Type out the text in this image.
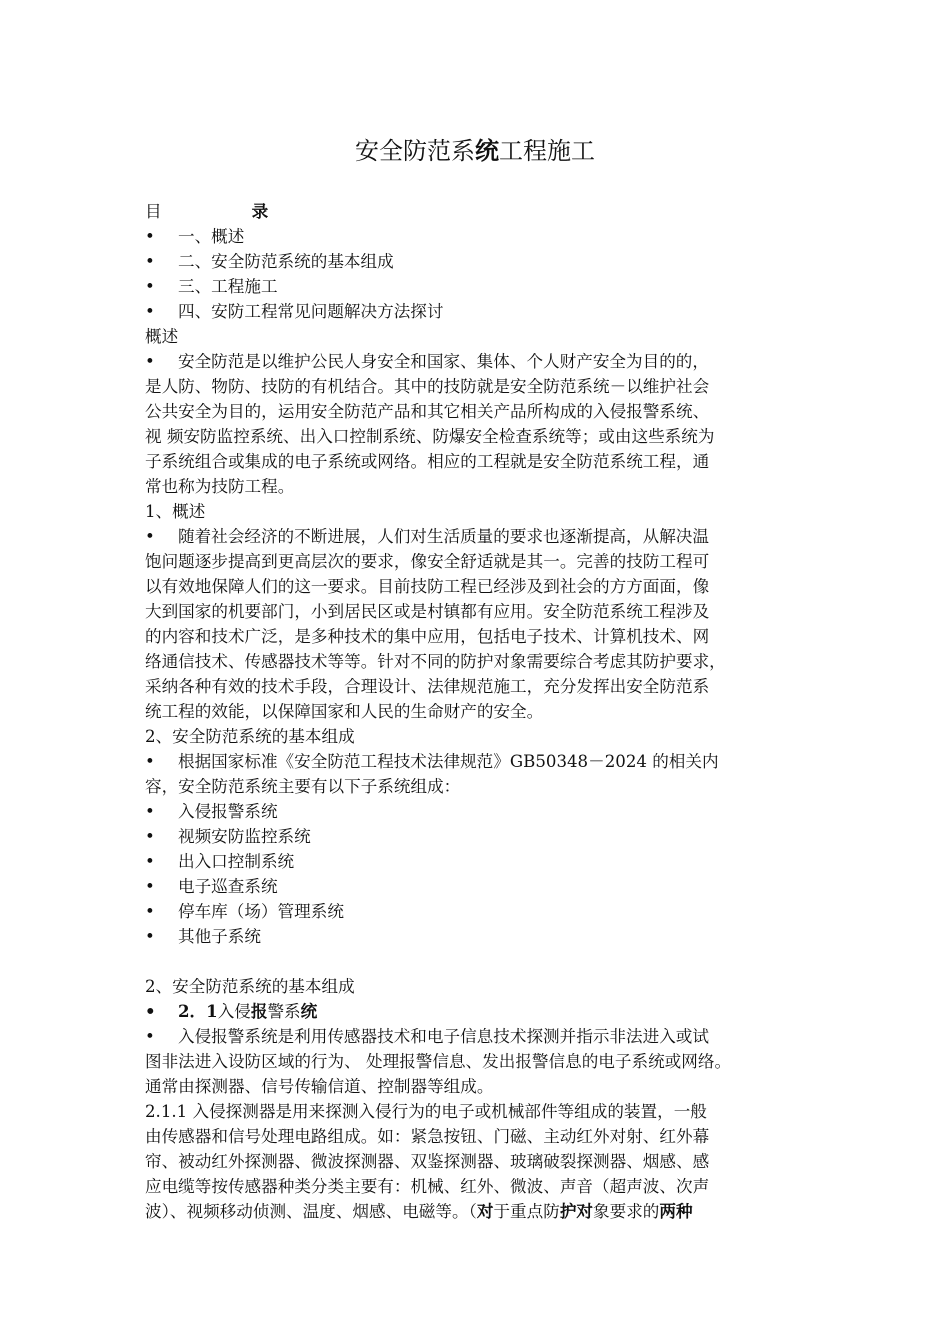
安全防范系统工程施工
目	录
• 一、概述
• 二、安全防范系统的基本组成
• 三、工程施工
• 四、安防工程常见问题解决方法探讨
概述
• 安全防范是以维护公民人身安全和国家、集体、个人财产安全为目的的，
是人防、物防、技防的有机结合。其中的技防就是安全防范系统－以维护社会
公共安全为目的，运用安全防范产品和其它相关产品所构成的入侵报警系统、
视 频安防监控系统、出入口控制系统、防爆安全检查系统等；或由这些系统为
子系统组合或集成的电子系统或网络。相应的工程就是安全防范系统工程，通
常也称为技防工程。
1、概述
• 随着社会经济的不断进展，人们对生活质量的要求也逐渐提高，从解决温
饱问题逐步提高到更高层次的要求，像安全舒适就是其一。完善的技防工程可
以有效地保障人们的这一要求。目前技防工程已经涉及到社会的方方面面，像
大到国家的机要部门，小到居民区或是村镇都有应用。安全防范系统工程涉及
的内容和技术广泛，是多种技术的集中应用，包括电子技术、计算机技术、网
络通信技术、传感器技术等等。针对不同的防护对象需要综合考虑其防护要求，
采纳各种有效的技术手段，合理设计、法律规范施工，充分发挥出安全防范系
统工程的效能，以保障国家和人民的生命财产的安全。
2、安全防范系统的基本组成
• 根据国家标准《安全防范工程技术法律规范》GB50348－2024 的相关内
容，安全防范系统主要有以下子系统组成：
• 入侵报警系统
• 视频安防监控系统
• 出入口控制系统
• 电子巡查系统
• 停车库（场）管理系统
• 其他子系统
2、安全防范系统的基本组成
• 2．1入侵报警系统
• 入侵报警系统是利用传感器技术和电子信息技术探测并指示非法进入或试
图非法进入设防区域的行为、 处理报警信息、发出报警信息的电子系统或网络。
通常由探测器、信号传输信道、控制器等组成。
2.1.1 入侵探测器是用来探测入侵行为的电子或机械部件等组成的装置，一般
由传感器和信号处理电路组成。如：紧急按钮、门磁、主动红外对射、红外幕
帘、被动红外探测器、微波探测器、双鉴探测器、玻璃破裂探测器、烟感、感
应电缆等按传感器种类分类主要有：机械、红外、微波、声音（超声波、次声
波）、视频移动侦测、温度、烟感、电磁等。（对于重点防护对象要求的两种
